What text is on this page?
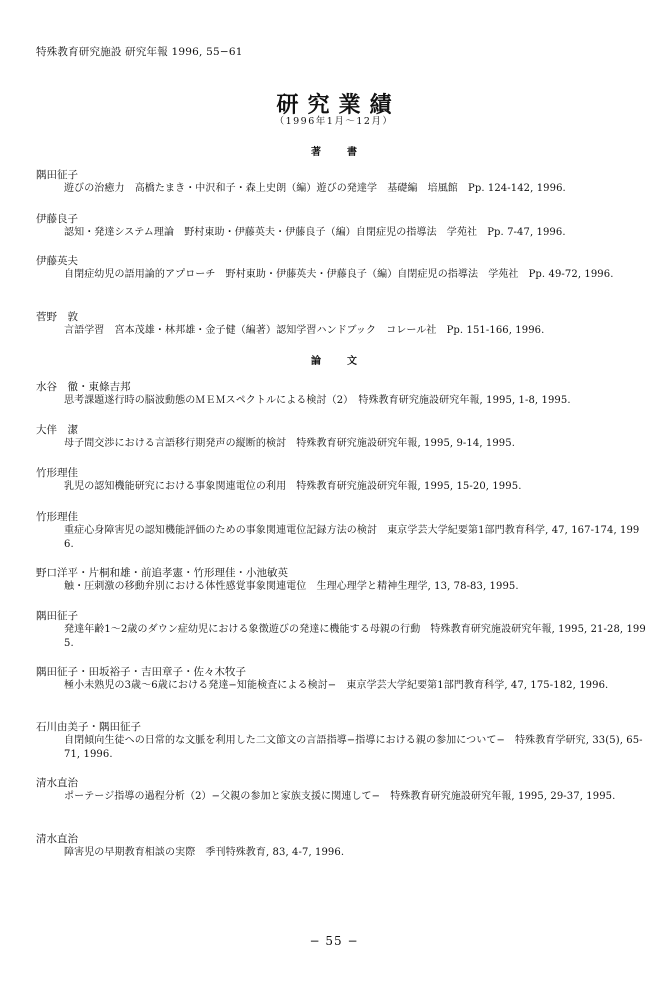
特殊教育研究施設 研究年報 1996, 55−61
研究業績
（1996年1月〜12月）
著　書
隅田征子
遊びの治癒力　高橋たまき・中沢和子・森上史朗（編）遊びの発達学　基礎編　培風館　Pp. 124-142, 1996.
伊藤良子
認知・発達システム理論　野村東助・伊藤英夫・伊藤良子（編）自閉症児の指導法　学苑社　Pp. 7-47, 1996.
伊藤英夫
自閉症幼児の語用論的アプローチ　野村東助・伊藤英夫・伊藤良子（編）自閉症児の指導法　学苑社　Pp. 49-72, 1996.
菅野　敦
言語学習　宮本茂雄・林邦雄・金子健（編著）認知学習ハンドブック　コレール社　Pp. 151-166, 1996.
論　文
水谷　徹・東條吉邦
思考課題遂行時の脳波動態のＭＥＭスペクトルによる検討（2）　特殊教育研究施設研究年報, 1995, 1-8, 1995.
大伴　潔
母子間交渉における言語移行期発声の縦断的検討　特殊教育研究施設研究年報, 1995, 9-14, 1995.
竹形理佳
乳児の認知機能研究における事象関連電位の利用　特殊教育研究施設研究年報, 1995, 15-20, 1995.
竹形理佳
重症心身障害児の認知機能評価のための事象関連電位記録方法の検討　東京学芸大学紀要第1部門教育科学, 47, 167-174, 1996.
野口洋平・片桐和雄・前追孝憲・竹形理佳・小池敏英
触・圧刺激の移動弁別における体性感覚事象関連電位　生理心理学と精神生理学, 13, 78-83, 1995.
隅田征子
発達年齢1〜2歳のダウン症幼児における象徴遊びの発達に機能する母親の行動　特殊教育研究施設研究年報, 1995, 21-28, 1995.
隅田征子・田坂裕子・吉田章子・佐々木牧子
極小未熟児の3歳〜6歳における発達−知能検査による検討−　東京学芸大学紀要第1部門教育科学, 47, 175-182, 1996.
石川由美子・隅田征子
自閉傾向生徒への日常的な文脈を利用した二文節文の言語指導−指導における親の参加について−　特殊教育学研究, 33(5), 65-71, 1996.
清水直治
ポーテージ指導の過程分析（2）−父親の参加と家族支援に関連して−　特殊教育研究施設研究年報, 1995, 29-37, 1995.
清水直治
障害児の早期教育相談の実際　季刊特殊教育, 83, 4-7, 1996.
− 55 −
